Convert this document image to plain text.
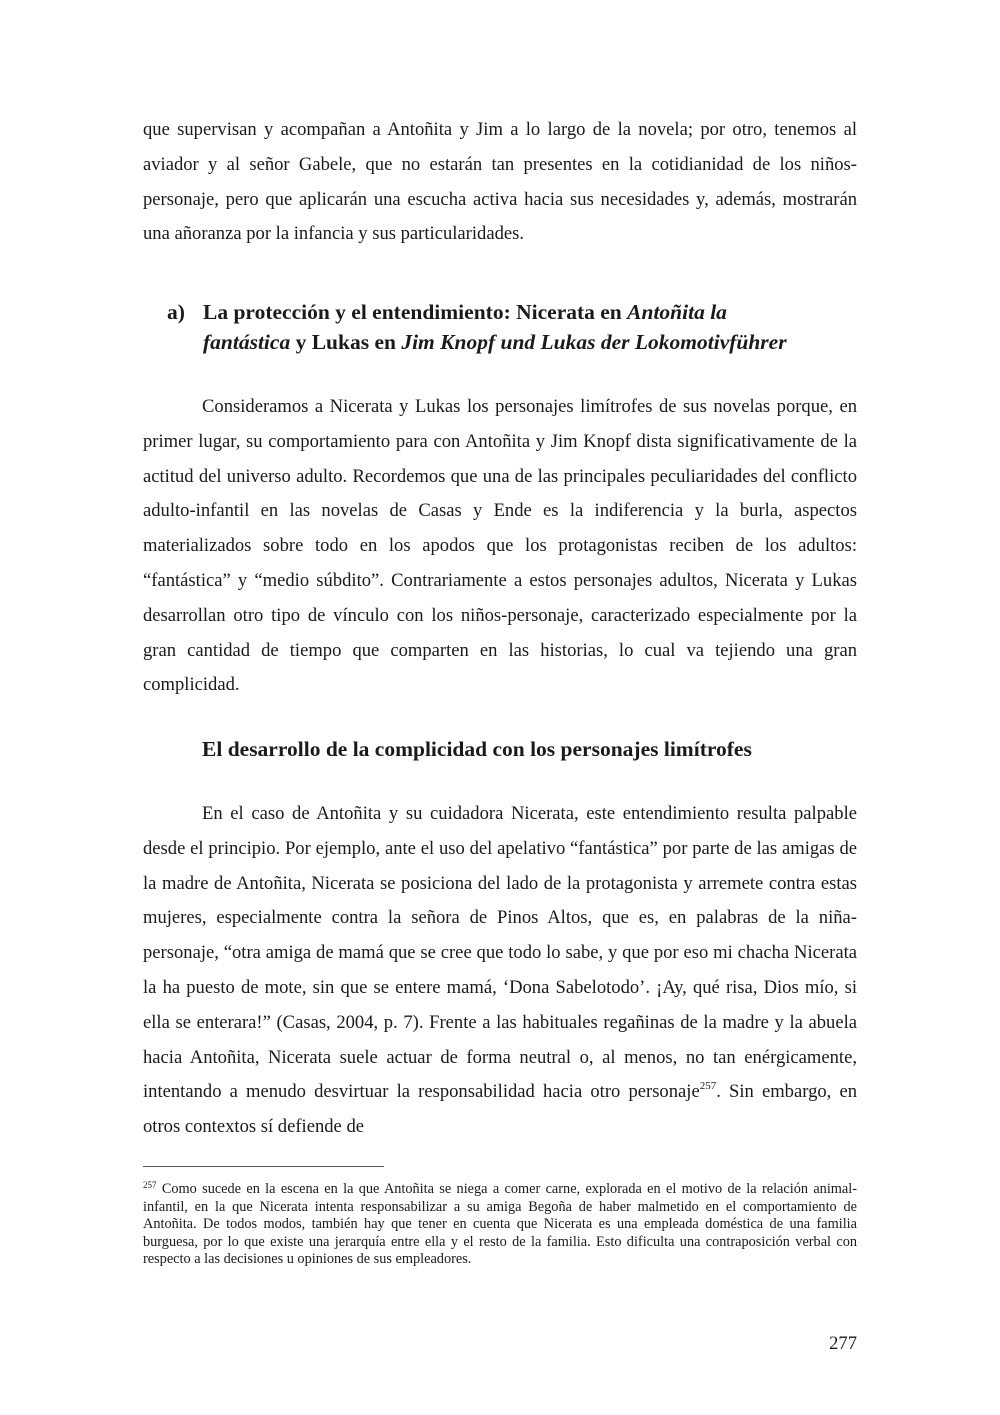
que supervisan y acompañan a Antoñita y Jim a lo largo de la novela; por otro, tenemos al aviador y al señor Gabele, que no estarán tan presentes en la cotidianidad de los niños-personaje, pero que aplicarán una escucha activa hacia sus necesidades y, además, mostrarán una añoranza por la infancia y sus particularidades.

a) La protección y el entendimiento: Nicerata en Antoñita la
fantástica y Lukas en Jim Knopf und Lukas der Lokomotivführer

Consideramos a Nicerata y Lukas los personajes limítrofes de sus novelas porque, en primer lugar, su comportamiento para con Antoñita y Jim Knopf dista significativamente de la actitud del universo adulto. Recordemos que una de las principales peculiaridades del conflicto adulto-infantil en las novelas de Casas y Ende es la indiferencia y la burla, aspectos materializados sobre todo en los apodos que los protagonistas reciben de los adultos: “fantástica” y “medio súbdito”. Contrariamente a estos personajes adultos, Nicerata y Lukas desarrollan otro tipo de vínculo con los niños-personaje, caracterizado especialmente por la gran cantidad de tiempo que comparten en las historias, lo cual va tejiendo una gran complicidad.

El desarrollo de la complicidad con los personajes limítrofes

En el caso de Antoñita y su cuidadora Nicerata, este entendimiento resulta palpable desde el principio. Por ejemplo, ante el uso del apelativo “fantástica” por parte de las amigas de la madre de Antoñita, Nicerata se posiciona del lado de la protagonista y arremete contra estas mujeres, especialmente contra la señora de Pinos Altos, que es, en palabras de la niña-personaje, “otra amiga de mamá que se cree que todo lo sabe, y que por eso mi chacha Nicerata la ha puesto de mote, sin que se entere mamá, ‘Dona Sabelotodo’. ¡Ay, qué risa, Dios mío, si ella se enterara!” (Casas, 2004, p. 7). Frente a las habituales regañinas de la madre y la abuela hacia Antoñita, Nicerata suele actuar de forma neutral o, al menos, no tan enérgicamente, intentando a menudo desvirtuar la responsabilidad hacia otro personaje$^{257}$. Sin embargo, en otros contextos sí defiende de

$^{257}$ Como sucede en la escena en la que Antoñita se niega a comer carne, explorada en el motivo de la relación animal-infantil, en la que Nicerata intenta responsabilizar a su amiga Begoña de haber malmetido en el comportamiento de Antoñita. De todos modos, también hay que tener en cuenta que Nicerata es una empleada doméstica de una familia burguesa, por lo que existe una jerarquía entre ella y el resto de la familia. Esto dificulta una contraposición verbal con respecto a las decisiones u opiniones de sus empleadores.

277
